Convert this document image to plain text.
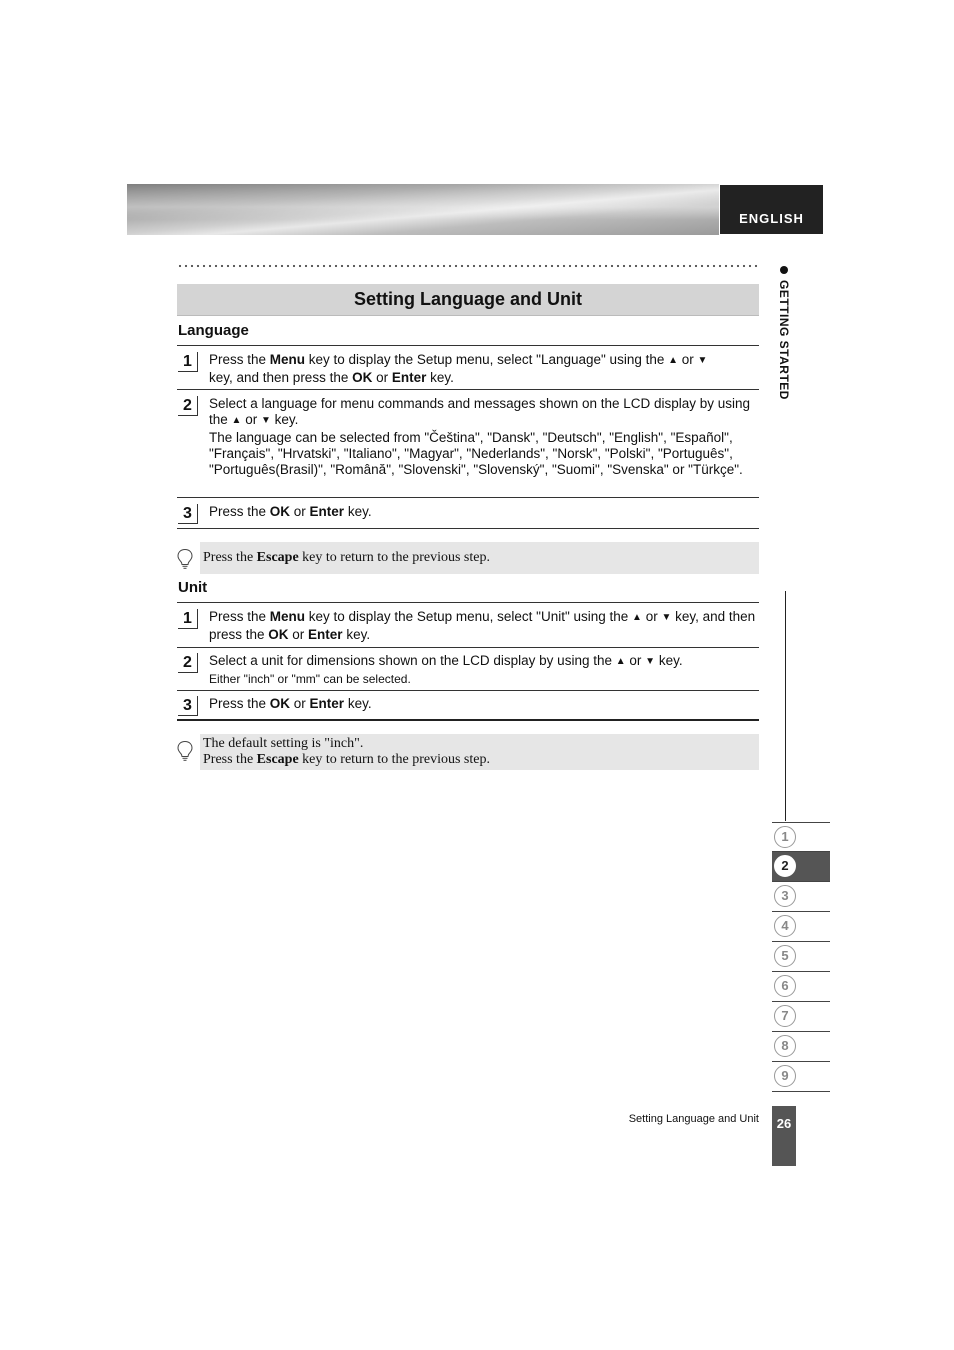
ENGLISH
GETTING STARTED
Setting Language and Unit
Language
1	Press the Menu key to display the Setup menu, select "Language" using the ▲ or ▼
key, and then press the OK or Enter key.
2	Select a language for menu commands and messages shown on the LCD display by using the ▲ or ▼ key.
The language can be selected from "Čeština", "Dansk", "Deutsch", "English", "Español", "Français", "Hrvatski", "Italiano", "Magyar", "Nederlands", "Norsk", "Polski", "Português", "Português(Brasil)", "Română", "Slovenski", "Slovenský", "Suomi", "Svenska" or "Türkçe".
3	Press the OK or Enter key.
Press the Escape key to return to the previous step.
Unit
1	Press the Menu key to display the Setup menu, select "Unit" using the ▲ or ▼ key, and then press the OK or Enter key.
2	Select a unit for dimensions shown on the LCD display by using the ▲ or ▼ key.
Either "inch" or "mm" can be selected.
3	Press the OK or Enter key.
The default setting is "inch".
Press the Escape key to return to the previous step.
1
2
3
4
5
6
7
8
9
Setting Language and Unit	26
